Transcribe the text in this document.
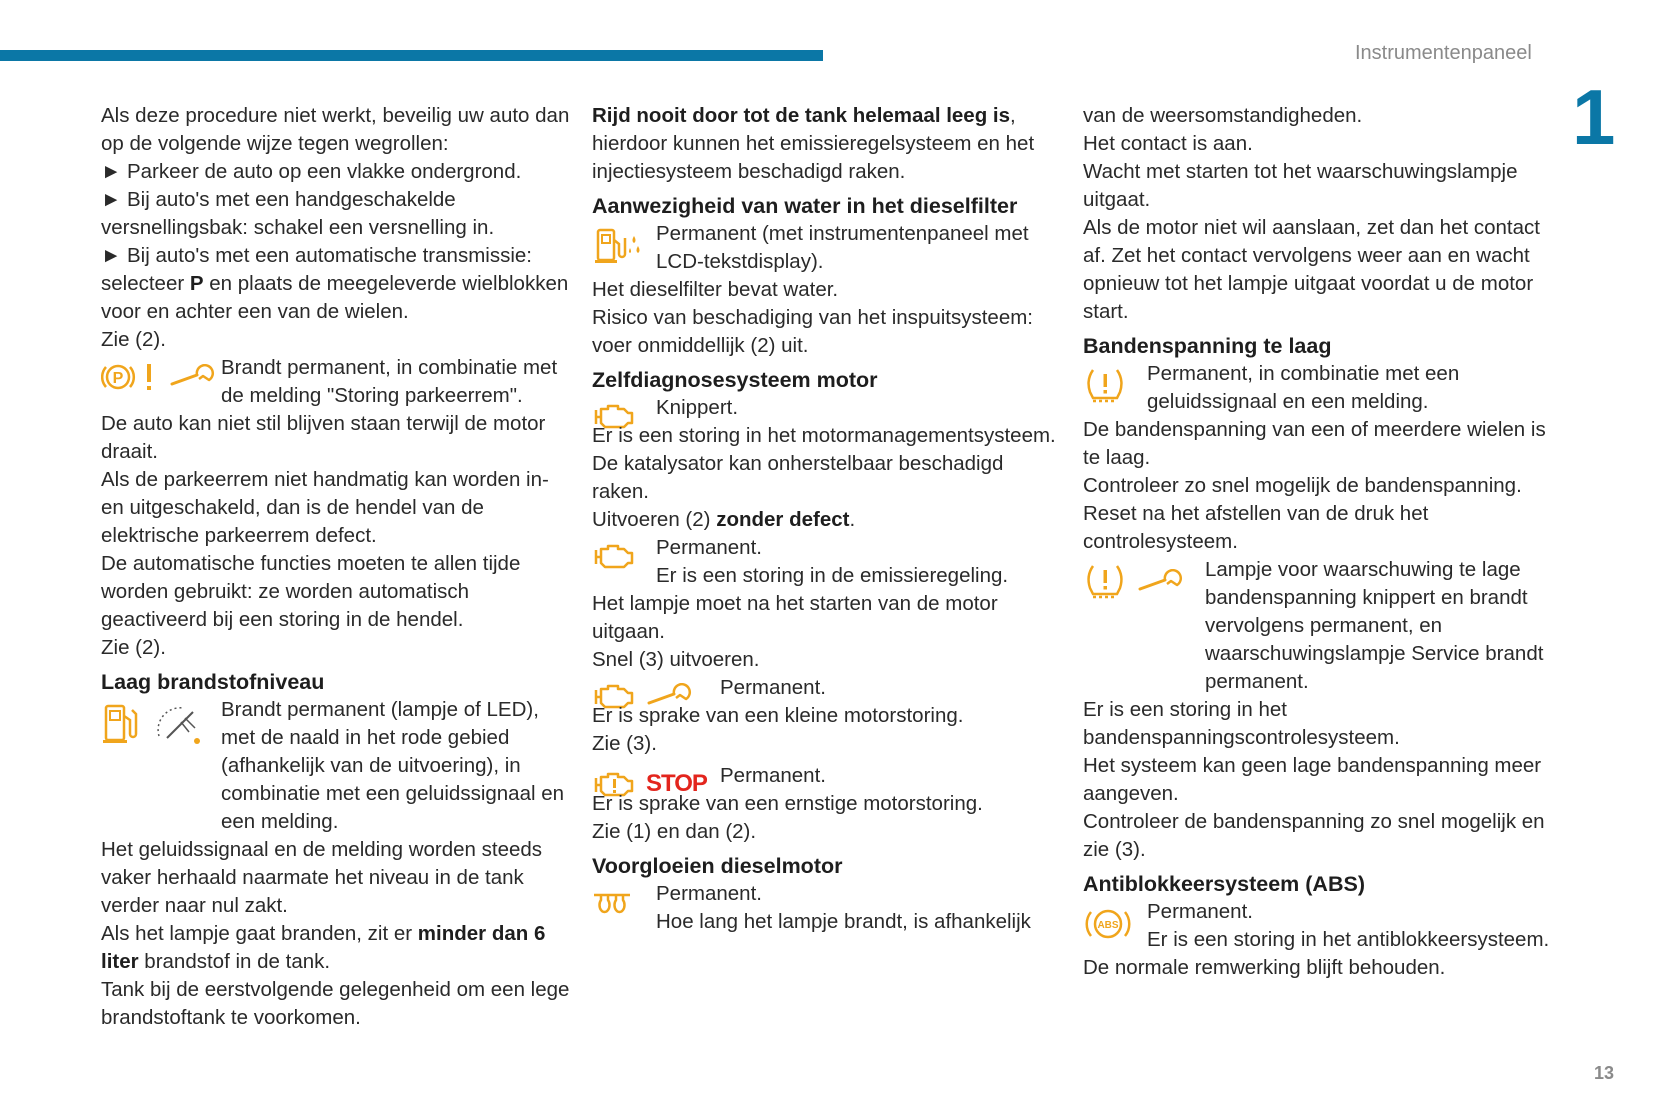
Instrumentenpaneel
1
13

Als deze procedure niet werkt, beveilig uw auto dan op de volgende wijze tegen wegrollen:

► Parkeer de auto op een vlakke ondergrond.

► Bij auto's met een handgeschakelde versnellingsbak: schakel een versnelling in.

► Bij auto's met een automatische transmissie: selecteer P en plaats de meegeleverde wielblokken voor en achter een van de wielen.

Zie (2).

P	Brandt permanent, in combinatie met de melding "Storing parkeerrem".

De auto kan niet stil blijven staan terwijl de motor draait.

Als de parkeerrem niet handmatig kan worden in- en uitgeschakeld, dan is de hendel van de elektrische parkeerrem defect.

De automatische functies moeten te allen tijde worden gebruikt: ze worden automatisch geactiveerd bij een storing in de hendel.

Zie (2).

Laag brandstofniveau
Brandt permanent (lampje of LED), met de naald in het rode gebied (afhankelijk van de uitvoering), in combinatie met een geluidssignaal en een melding.

Het geluidssignaal en de melding worden steeds vaker herhaald naarmate het niveau in de tank verder naar nul zakt.

Als het lampje gaat branden, zit er minder dan 6 liter brandstof in de tank.

Tank bij de eerstvolgende gelegenheid om een lege brandstoftank te voorkomen.

Rijd nooit door tot de tank helemaal leeg is, hierdoor kunnen het emissieregelsysteem en het injectiesysteem beschadigd raken.

Aanwezigheid van water in het dieselfilter
Permanent (met instrumentenpaneel met LCD-tekstdisplay).

Het dieselfilter bevat water.

Risico van beschadiging van het inspuitsysteem: voer onmiddellijk (2) uit.

Zelfdiagnosesysteem motor
Knippert.
Er is een storing in het motormanagementsysteem.

De katalysator kan onherstelbaar beschadigd raken.

Uitvoeren (2) zonder defect.

Permanent.
Er is een storing in de emissieregeling.

Het lampje moet na het starten van de motor uitgaan.

Snel (3) uitvoeren.

Permanent.
Er is sprake van een kleine motorstoring.

Zie (3).

STOP Permanent.
Er is sprake van een ernstige motorstoring.

Zie (1) en dan (2).

Voorgloeien dieselmotor
Permanent.
Hoe lang het lampje brandt, is afhankelijk

van de weersomstandigheden.

Het contact is aan.

Wacht met starten tot het waarschuwingslampje uitgaat.

Als de motor niet wil aanslaan, zet dan het contact af. Zet het contact vervolgens weer aan en wacht opnieuw tot het lampje uitgaat voordat u de motor start.

Bandenspanning te laag
Permanent, in combinatie met een geluidssignaal en een melding.

De bandenspanning van een of meerdere wielen is te laag.

Controleer zo snel mogelijk de bandenspanning.

Reset na het afstellen van de druk het controlesysteem.

Lampje voor waarschuwing te lage bandenspanning knippert en brandt vervolgens permanent, en waarschuwingslampje Service brandt permanent.

Er is een storing in het bandenspanningscontrolesysteem.

Het systeem kan geen lage bandenspanning meer aangeven.

Controleer de bandenspanning zo snel mogelijk en zie (3).

Antiblokkeersysteem (ABS)
ABS
Permanent.
Er is een storing in het antiblokkeersysteem.

De normale remwerking blijft behouden.
